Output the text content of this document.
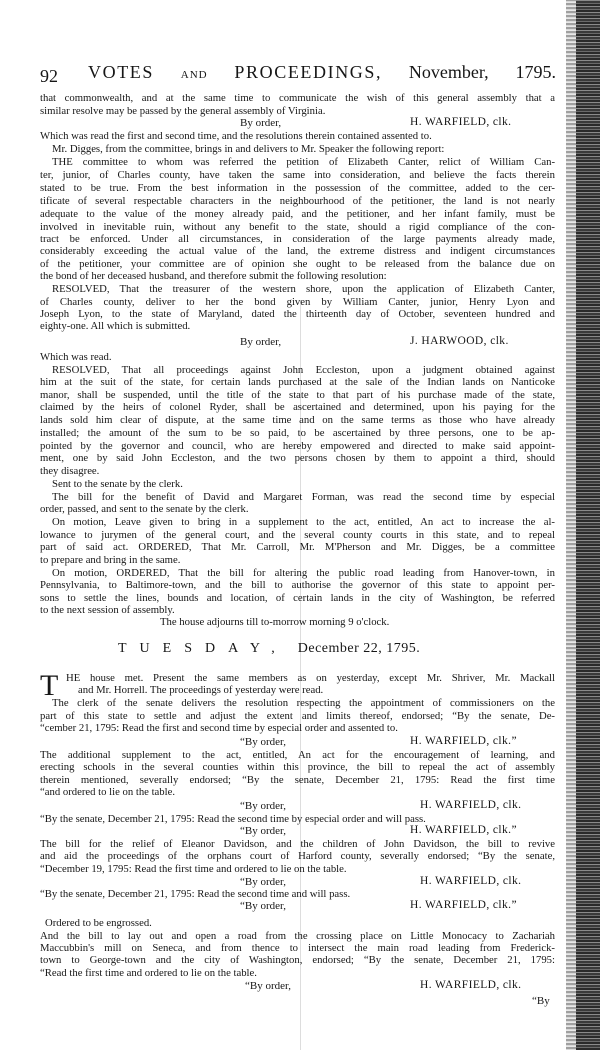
92 VOTES AND PROCEEDINGS, November, 1795.
that commonwealth, and at the same time to communicate the wish of this general assembly that a
similar resolve may be passed by the general assembly of Virginia.
By order,	H. WARFIELD, clk.
Which was read the first and second time, and the resolutions therein contained assented to.
Mr. Digges, from the committee, brings in and delivers to Mr. Speaker the following report:
THE committee to whom was referred the petition of Elizabeth Canter, relict of William Can-
ter, junior, of Charles county, have taken the same into consideration, and believe the facts therein
stated to be true. From the best information in the possession of the committee, added to the cer-
tificate of several respectable characters in the neighbourhood of the petitioner, the land is not nearly
adequate to the value of the money already paid, and the petitioner, and her infant family, must be
involved in inevitable ruin, without any benefit to the state, should a rigid compliance of the con-
tract be enforced. Under all circumstances, in consideration of the large payments already made,
considerably exceeding the actual value of the land, the extreme distress and indigent circumstances
of the petitioner, your committee are of opinion she ought to be released from the balance due on
the bond of her deceased husband, and therefore submit the following resolution:
RESOLVED, That the treasurer of the western shore, upon the application of Elizabeth Canter,
of Charles county, deliver to her the bond given by William Canter, junior, Henry Lyon and
Joseph Lyon, to the state of Maryland, dated the thirteenth day of October, seventeen hundred and
eighty-one. All which is submitted.
By order,	J. HARWOOD, clk.
Which was read.
RESOLVED, That all proceedings against John Eccleston, upon a judgment obtained against
him at the suit of the state, for certain lands purchased at the sale of the Indian lands on Nanticoke
manor, shall be suspended, until the title of the state to that part of his purchase made of the state,
claimed by the heirs of colonel Ryder, shall be ascertained and determined, upon his paying for the
lands sold him clear of dispute, at the same time and on the same terms as those who have already
installed; the amount of the sum to be so paid, to be ascertained by three persons, one to be ap-
pointed by the governor and council, who are hereby empowered and directed to make said appoint-
ment, one by said John Eccleston, and the two persons chosen by them to appoint a third, should
they disagree.
Sent to the senate by the clerk.
The bill for the benefit of David and Margaret Forman, was read the second time by especial
order, passed, and sent to the senate by the clerk.
On motion, Leave given to bring in a supplement to the act, entitled, An act to increase the al-
lowance to jurymen of the general court, and the several county courts in this state, and to repeal
part of said act. ORDERED, That Mr. Carroll, Mr. M'Pherson and Mr. Digges, be a committee
to prepare and bring in the same.
On motion, ORDERED, That the bill for altering the public road leading from Hanover-town, in
Pennsylvania, to Baltimore-town, and the bill to authorise the governor of this state to appoint per-
sons to settle the lines, bounds and location, of certain lands in the city of Washington, be referred
to the next session of assembly.
The house adjourns till to-morrow morning 9 o'clock.
TUESDAY, December 22, 1795.
T HE house met. Present the same members as on yesterday, except Mr. Shriver, Mr. Mackall
and Mr. Horrell. The proceedings of yesterday were read.
The clerk of the senate delivers the resolution respecting the appointment of commissioners on the
part of this state to settle and adjust the extent and limits thereof, endorsed; “By the senate, De-
“cember 21, 1795: Read the first and second time by especial order and assented to.
“By order,	H. WARFIELD, clk.”
The additional supplement to the act, entitled, An act for the encouragement of learning, and
erecting schools in the several counties within this province, the bill to repeal the act of assembly
therein mentioned, severally endorsed; “By the senate, December 21, 1795: Read the first time
“and ordered to lie on the table.
“By order,	H. WARFIELD, clk.
“By the senate, December 21, 1795: Read the second time by especial order and will pass.
“By order,	H. WARFIELD, clk.”
The bill for the relief of Eleanor Davidson, and the children of John Davidson, the bill to revive
and aid the proceedings of the orphans court of Harford county, severally endorsed; “By the senate,
“December 19, 1795: Read the first time and ordered to lie on the table.
“By order,	H. WARFIELD, clk.
“By the senate, December 21, 1795: Read the second time and will pass.
“By order,	H. WARFIELD, clk.”
Ordered to be engrossed.
And the bill to lay out and open a road from the crossing place on Little Monocacy to Zachariah
Maccubbin's mill on Seneca, and from thence to intersect the main road leading from Frederick-
town to George-town and the city of Washington, endorsed; “By the senate, December 21, 1795:
“Read the first time and ordered to lie on the table.
“By order,	H. WARFIELD, clk.
“By
